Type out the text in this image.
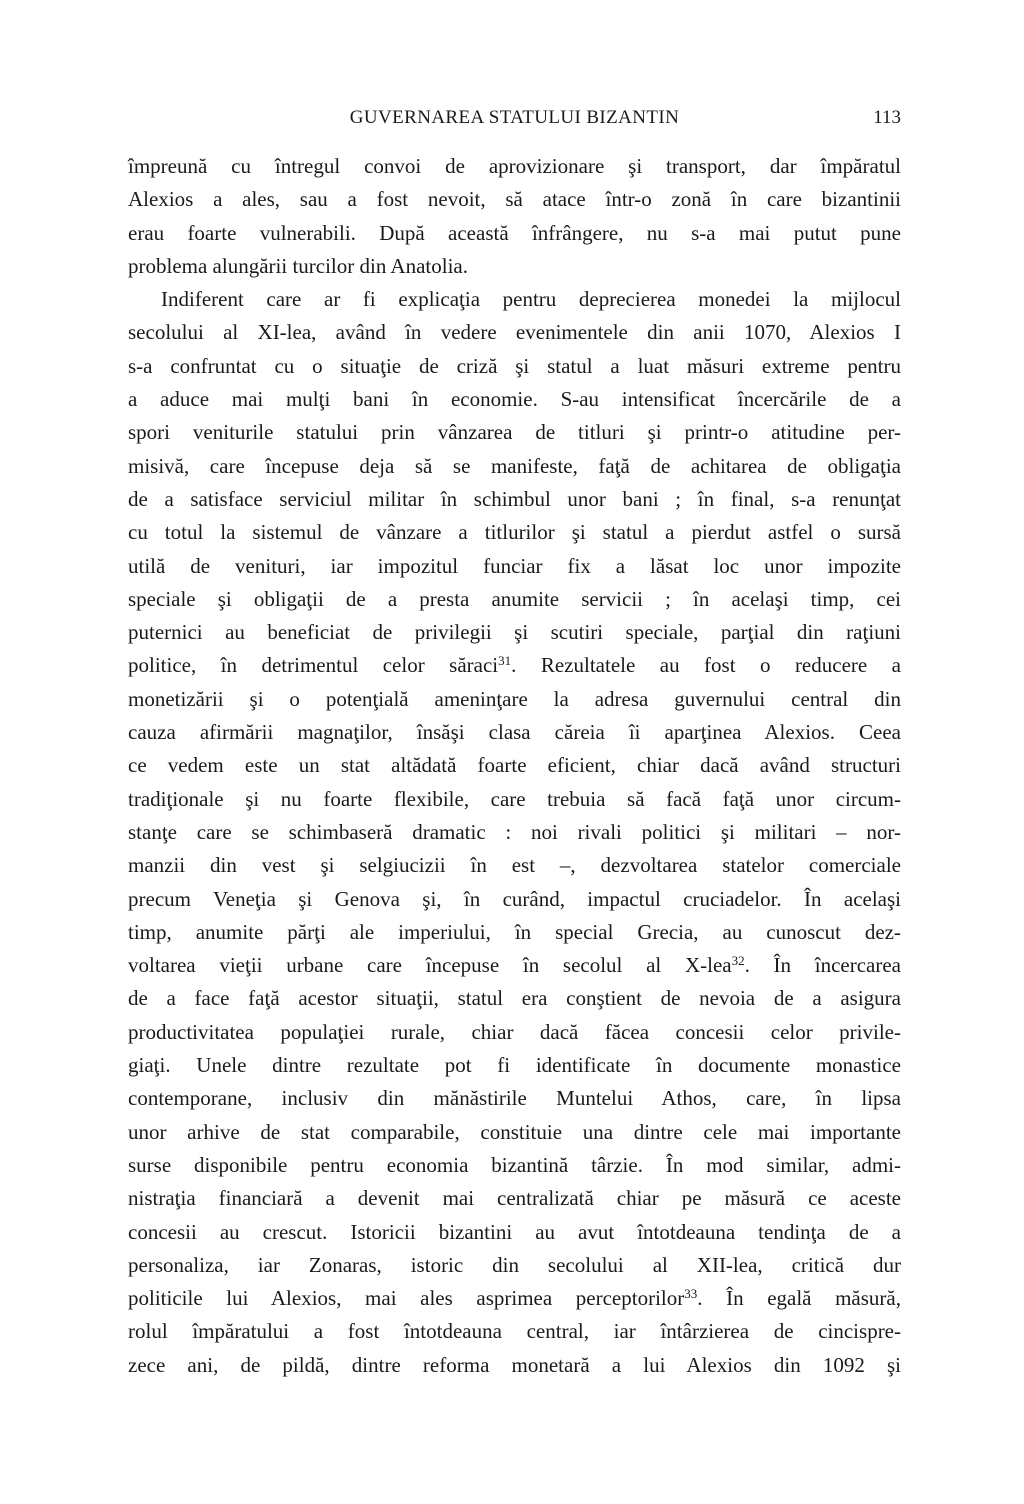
GUVERNAREA STATULUI BIZANTIN	113
împreună cu întregul convoi de aprovizionare şi transport, dar împăratul
Alexios a ales, sau a fost nevoit, să atace într-o zonă în care bizantinii
erau foarte vulnerabili. După această înfrângere, nu s-a mai putut pune
problema alungării turcilor din Anatolia.
Indiferent care ar fi explicaţia pentru deprecierea monedei la mijlocul
secolului al XI-lea, având în vedere evenimentele din anii 1070, Alexios I
s-a confruntat cu o situaţie de criză şi statul a luat măsuri extreme pentru
a aduce mai mulţi bani în economie. S-au intensificat încercările de a
spori veniturile statului prin vânzarea de titluri şi printr-o atitudine per-
misivă, care începuse deja să se manifeste, faţă de achitarea de obligaţia
de a satisface serviciul militar în schimbul unor bani ; în final, s-a renunţat
cu totul la sistemul de vânzare a titlurilor şi statul a pierdut astfel o sursă
utilă de venituri, iar impozitul funciar fix a lăsat loc unor impozite
speciale şi obligaţii de a presta anumite servicii ; în acelaşi timp, cei
puternici au beneficiat de privilegii şi scutiri speciale, parţial din raţiuni
politice, în detrimentul celor săraci$^{31}$. Rezultatele au fost o reducere a
monetizării şi o potenţială ameninţare la adresa guvernului central din
cauza afirmării magnaţilor, însăşi clasa căreia îi aparţinea Alexios. Ceea
ce vedem este un stat altădată foarte eficient, chiar dacă având structuri
tradiţionale şi nu foarte flexibile, care trebuia să facă faţă unor circum-
stanţe care se schimbaseră dramatic : noi rivali politici şi militari – nor-
manzii din vest şi selgiucizii în est –, dezvoltarea statelor comerciale
precum Veneţia şi Genova şi, în curând, impactul cruciadelor. În acelaşi
timp, anumite părţi ale imperiului, în special Grecia, au cunoscut dez-
voltarea vieţii urbane care începuse în secolul al X-lea$^{32}$. În încercarea
de a face faţă acestor situaţii, statul era conştient de nevoia de a asigura
productivitatea populaţiei rurale, chiar dacă făcea concesii celor privile-
giaţi. Unele dintre rezultate pot fi identificate în documente monastice
contemporane, inclusiv din mănăstirile Muntelui Athos, care, în lipsa
unor arhive de stat comparabile, constituie una dintre cele mai importante
surse disponibile pentru economia bizantină târzie. În mod similar, admi-
nistraţia financiară a devenit mai centralizată chiar pe măsură ce aceste
concesii au crescut. Istoricii bizantini au avut întotdeauna tendinţa de a
personaliza, iar Zonaras, istoric din secolului al XII-lea, critică dur
politicile lui Alexios, mai ales asprimea perceptorilor$^{33}$. În egală măsură,
rolul împăratului a fost întotdeauna central, iar întârzierea de cincispre-
zece ani, de pildă, dintre reforma monetară a lui Alexios din 1092 şi
